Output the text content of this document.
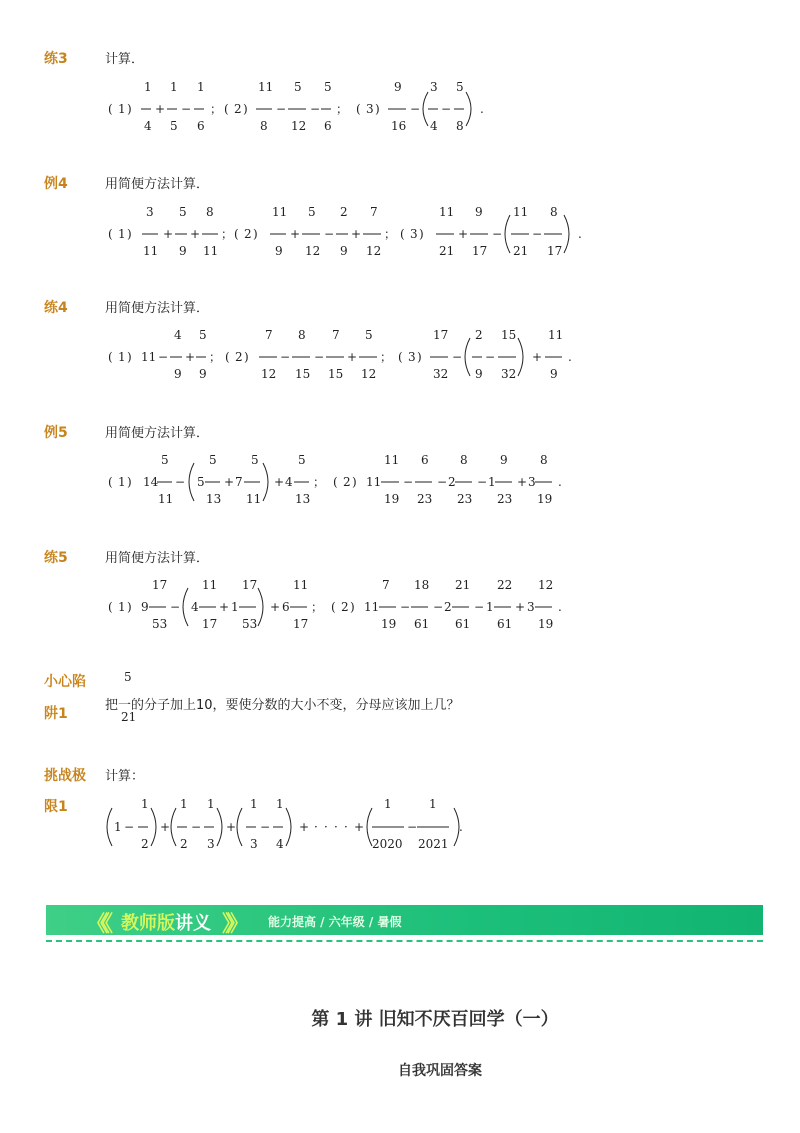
练3	计算．
( 1 )
1
4
+
1
5
−
1
6
； ( 2 )
11
8
−
5
12
−
5
6
； ( 3 )
9
16
−
3
4
−
5
8
.
例4	用简便方法计算．
( 1 )
3
11
+
5
9
+
8
11
； ( 2 )
11
9
+
5
12
−
2
9
+
7
12
； ( 3 )
11
21
+
9
17
−
11
21
−
8
17
.
练4	用简便方法计算．
( 1 ) 11 −
4
9
+
5
9
； ( 2 )
7
12
−
8
15
−
7
15
+
5
12
； ( 3 )
17
32
−
2
9
−
15
32
+
11
9
.
例5	用简便方法计算．
( 1 ) 14
5
11
− 5
5
13
+ 7
5
11
+ 4
5
13
； ( 2 ) 11
11
19
−
6
23
− 2
8
23
− 1
9
23
+ 3
8
19
.
练5	用简便方法计算．
( 1 ) 9
17
53
− 4
11
17
+ 1
17
53
+ 6
11
17
； ( 2 ) 11
7
19
−
18
61
− 2
21
61
− 1
22
61
+ 3
12
19
.
小心陷
阱1
5
21
把一的分子加上10，要使分数的大小不变，分母应该加上几？
挑战极 计算：
限1
1 −
1
2
+
1
2
−
1
3
+
1
3
−
1
4
+ · · · · +
1
2020
−
1
2021
.
《《 教师版讲义 》》 能力提高 / 六年级 / 暑假
第 1 讲 旧知不厌百回学（一）
自我巩固答案
